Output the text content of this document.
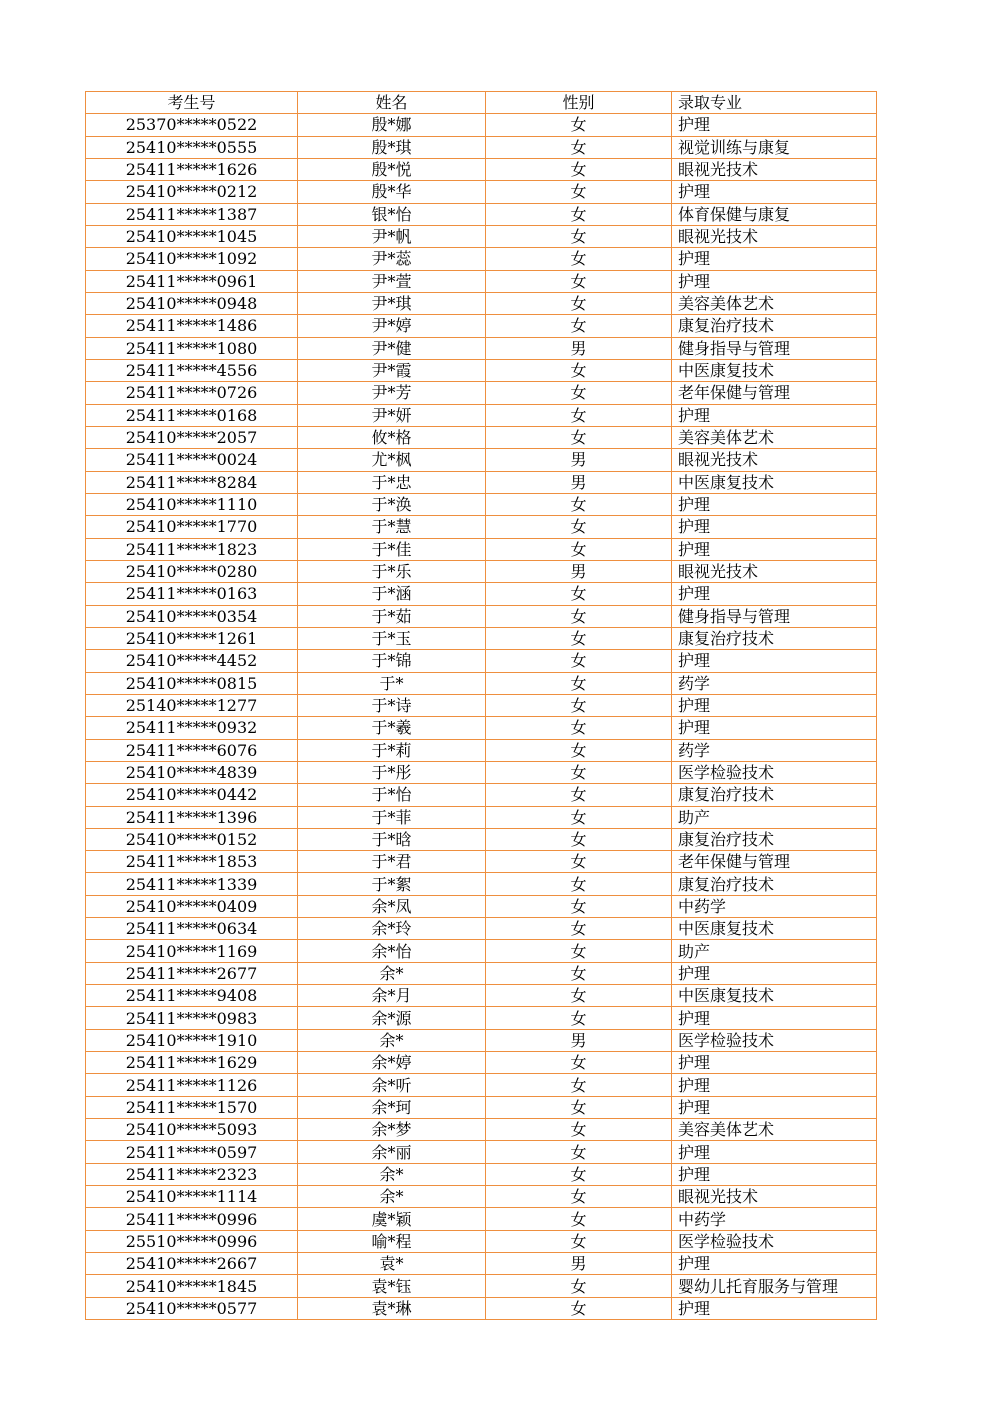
考生号	姓名	性别	录取专业
25370*****0522	殷*娜	女	护理
25410*****0555	殷*琪	女	视觉训练与康复
25411*****1626	殷*悦	女	眼视光技术
25410*****0212	殷*华	女	护理
25411*****1387	银*怡	女	体育保健与康复
25410*****1045	尹*帆	女	眼视光技术
25410*****1092	尹*蕊	女	护理
25411*****0961	尹*萱	女	护理
25410*****0948	尹*琪	女	美容美体艺术
25411*****1486	尹*婷	女	康复治疗技术
25411*****1080	尹*健	男	健身指导与管理
25411*****4556	尹*霞	女	中医康复技术
25411*****0726	尹*芳	女	老年保健与管理
25411*****0168	尹*妍	女	护理
25410*****2057	攸*格	女	美容美体艺术
25411*****0024	尤*枫	男	眼视光技术
25411*****8284	于*忠	男	中医康复技术
25410*****1110	于*涣	女	护理
25410*****1770	于*慧	女	护理
25411*****1823	于*佳	女	护理
25410*****0280	于*乐	男	眼视光技术
25411*****0163	于*涵	女	护理
25410*****0354	于*茹	女	健身指导与管理
25410*****1261	于*玉	女	康复治疗技术
25410*****4452	于*锦	女	护理
25410*****0815	于*	女	药学
25140*****1277	于*诗	女	护理
25411*****0932	于*羲	女	护理
25411*****6076	于*莉	女	药学
25410*****4839	于*彤	女	医学检验技术
25410*****0442	于*怡	女	康复治疗技术
25411*****1396	于*菲	女	助产
25410*****0152	于*晗	女	康复治疗技术
25411*****1853	于*君	女	老年保健与管理
25411*****1339	于*絮	女	康复治疗技术
25410*****0409	余*凤	女	中药学
25411*****0634	余*玲	女	中医康复技术
25410*****1169	余*怡	女	助产
25411*****2677	余*	女	护理
25411*****9408	余*月	女	中医康复技术
25411*****0983	余*源	女	护理
25410*****1910	余*	男	医学检验技术
25411*****1629	余*婷	女	护理
25411*****1126	余*听	女	护理
25411*****1570	余*珂	女	护理
25410*****5093	余*梦	女	美容美体艺术
25411*****0597	余*丽	女	护理
25411*****2323	余*	女	护理
25410*****1114	余*	女	眼视光技术
25411*****0996	虞*颖	女	中药学
25510*****0996	喻*程	女	医学检验技术
25410*****2667	袁*	男	护理
25410*****1845	袁*钰	女	婴幼儿托育服务与管理
25410*****0577	袁*琳	女	护理
